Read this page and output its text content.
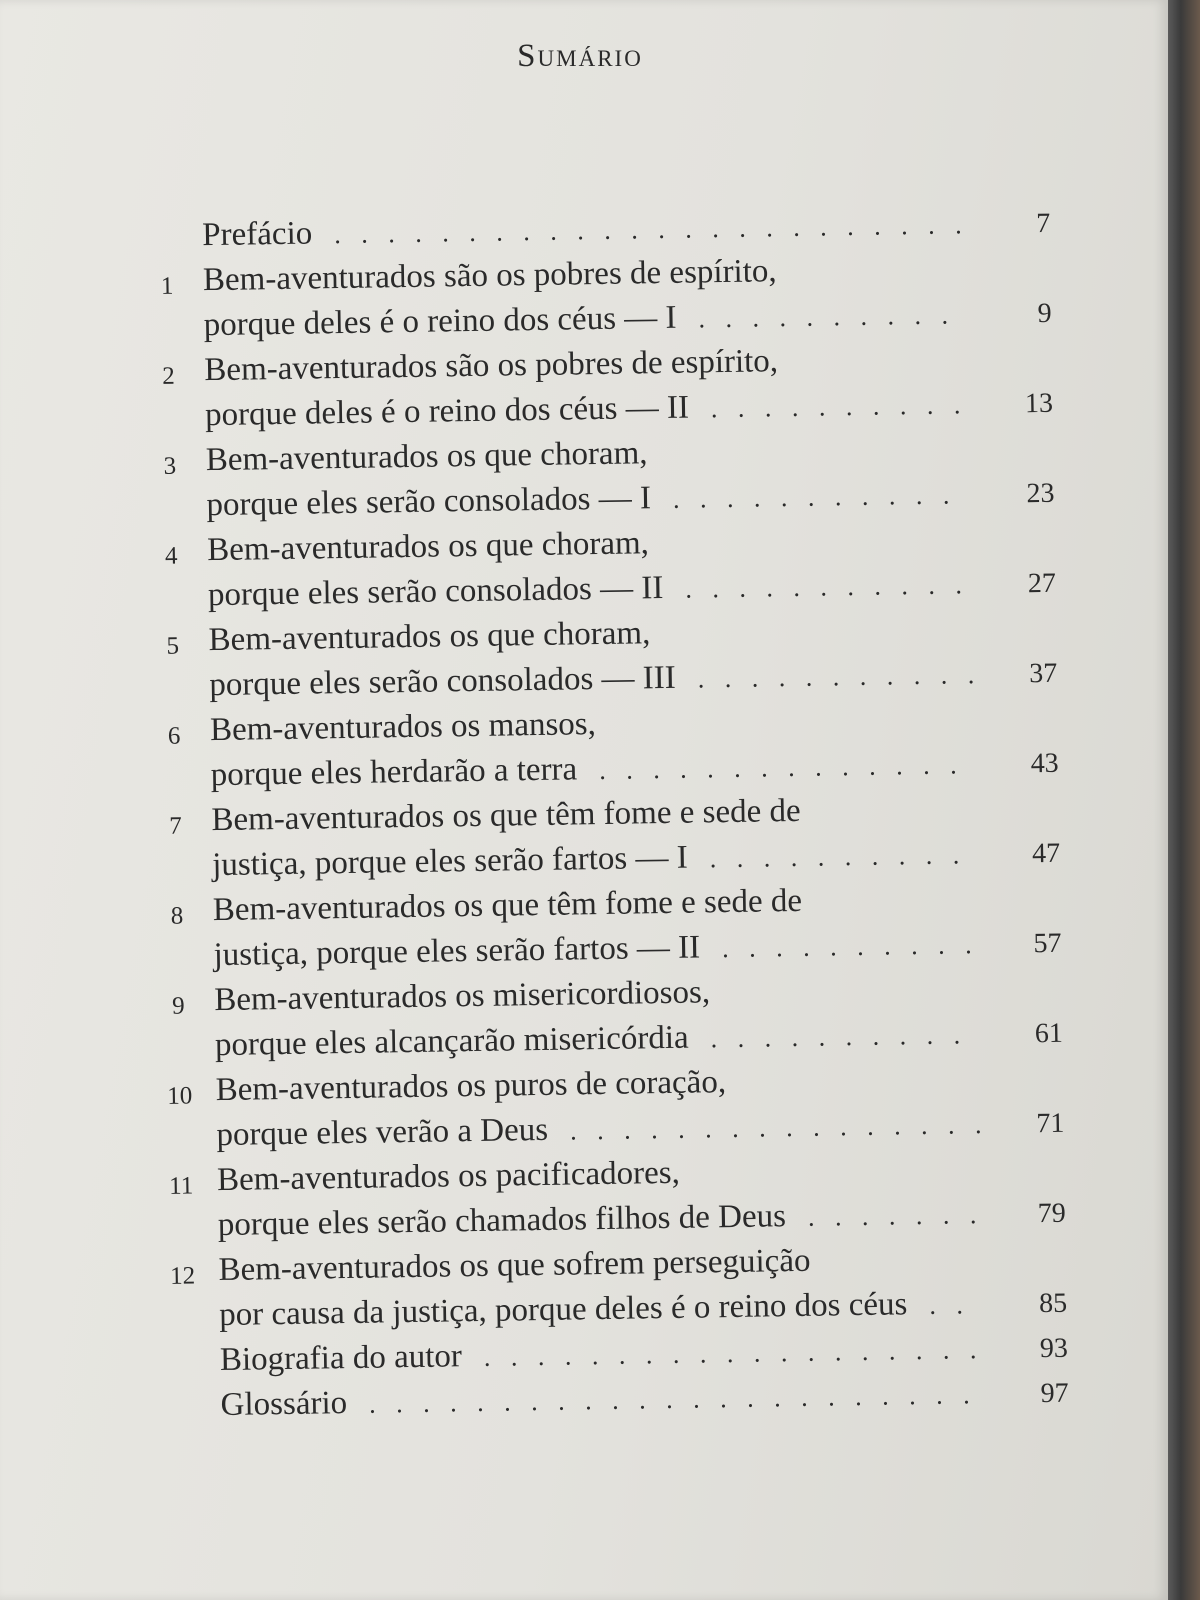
Sumário
Prefácio . . .	7
1 Bem-aventurados são os pobres de espírito,
porque deles é o reino dos céus — I . . .	9
2 Bem-aventurados são os pobres de espírito,
porque deles é o reino dos céus — II . . .	13
3 Bem-aventurados os que choram,
porque eles serão consolados — I . . .	23
4 Bem-aventurados os que choram,
porque eles serão consolados — II . . .	27
5 Bem-aventurados os que choram,
porque eles serão consolados — III . . .	37
6 Bem-aventurados os mansos,
porque eles herdarão a terra . . .	43
7 Bem-aventurados os que têm fome e sede de
justiça, porque eles serão fartos — I . . .	47
8 Bem-aventurados os que têm fome e sede de
justiça, porque eles serão fartos — II . . .	57
9 Bem-aventurados os misericordiosos,
porque eles alcançarão misericórdia . . .	61
10 Bem-aventurados os puros de coração,
porque eles verão a Deus . . .	71
11 Bem-aventurados os pacificadores,
porque eles serão chamados filhos de Deus . . .	79
12 Bem-aventurados os que sofrem perseguição
por causa da justiça, porque deles é o reino dos céus . . .	85
Biografia do autor . . .	93
Glossário . . .	97
